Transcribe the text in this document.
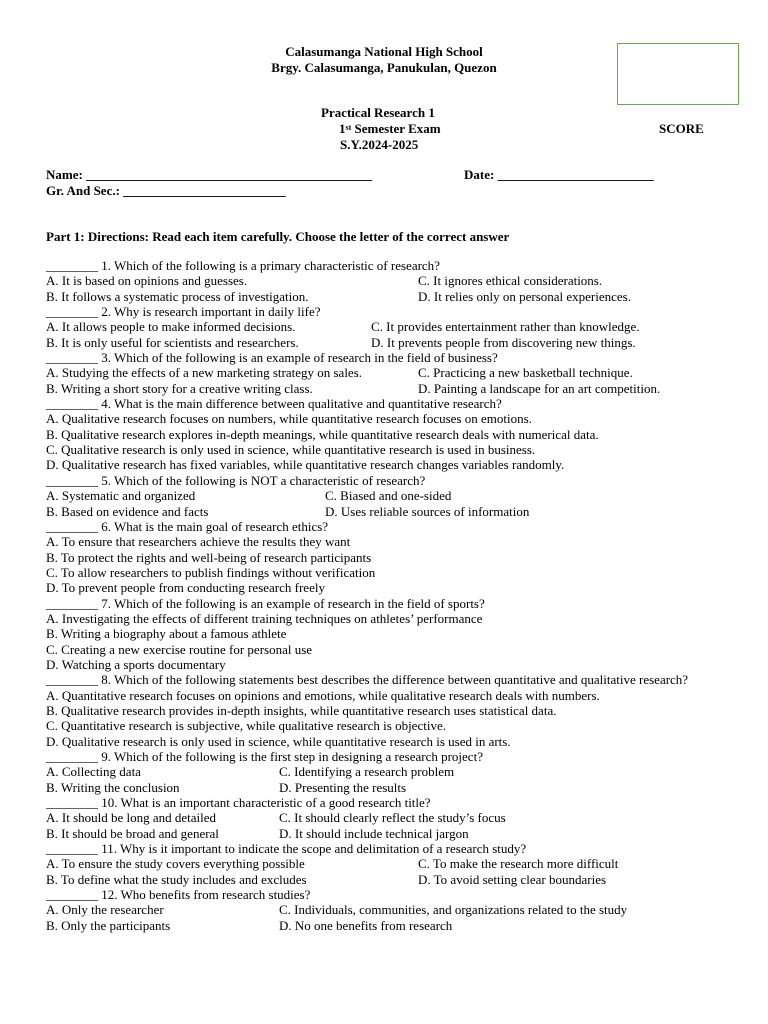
Calasumanga National High School
Brgy. Calasumanga, Panukulan, Quezon
Practical Research 1
1st Semester Exam	SCORE
S.Y.2024-2025
Name: ____________________________________________	Date: ________________________
Gr. And Sec.: _________________________
Part 1: Directions: Read each item carefully. Choose the letter of the correct answer
________ 1. Which of the following is a primary characteristic of research?
A. It is based on opinions and guesses.	C. It ignores ethical considerations.
B. It follows a systematic process of investigation.	D. It relies only on personal experiences.
________ 2. Why is research important in daily life?
A. It allows people to make informed decisions.	C. It provides entertainment rather than knowledge.
B. It is only useful for scientists and researchers.	D. It prevents people from discovering new things.
________ 3. Which of the following is an example of research in the field of business?
A. Studying the effects of a new marketing strategy on sales.	C. Practicing a new basketball technique.
B. Writing a short story for a creative writing class.	D. Painting a landscape for an art competition.
________ 4. What is the main difference between qualitative and quantitative research?
A. Qualitative research focuses on numbers, while quantitative research focuses on emotions.
B. Qualitative research explores in-depth meanings, while quantitative research deals with numerical data.
C. Qualitative research is only used in science, while quantitative research is used in business.
D. Qualitative research has fixed variables, while quantitative research changes variables randomly.
________ 5. Which of the following is NOT a characteristic of research?
A. Systematic and organized	C. Biased and one-sided
B. Based on evidence and facts	D. Uses reliable sources of information
________ 6. What is the main goal of research ethics?
A. To ensure that researchers achieve the results they want
B. To protect the rights and well-being of research participants
C. To allow researchers to publish findings without verification
D. To prevent people from conducting research freely
________ 7. Which of the following is an example of research in the field of sports?
A. Investigating the effects of different training techniques on athletes’ performance
B. Writing a biography about a famous athlete
C. Creating a new exercise routine for personal use
D. Watching a sports documentary
________ 8. Which of the following statements best describes the difference between quantitative and qualitative research?
A. Quantitative research focuses on opinions and emotions, while qualitative research deals with numbers.
B. Qualitative research provides in-depth insights, while quantitative research uses statistical data.
C. Quantitative research is subjective, while qualitative research is objective.
D. Qualitative research is only used in science, while quantitative research is used in arts.
________ 9. Which of the following is the first step in designing a research project?
A. Collecting data	C. Identifying a research problem
B. Writing the conclusion	D. Presenting the results
________ 10. What is an important characteristic of a good research title?
A. It should be long and detailed	C. It should clearly reflect the study’s focus
B. It should be broad and general	D. It should include technical jargon
________ 11. Why is it important to indicate the scope and delimitation of a research study?
A. To ensure the study covers everything possible	C. To make the research more difficult
B. To define what the study includes and excludes	D. To avoid setting clear boundaries
________ 12. Who benefits from research studies?
A. Only the researcher	C. Individuals, communities, and organizations related to the study
B. Only the participants	D. No one benefits from research
